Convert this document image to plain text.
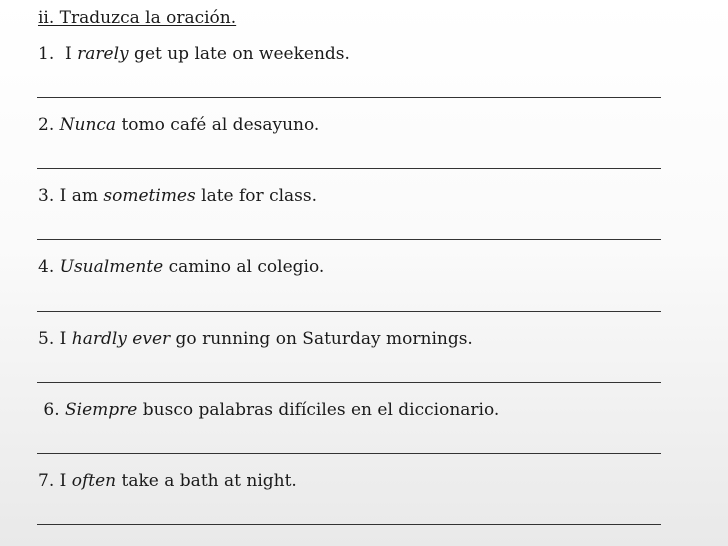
ii. Traduzca la oración.
1.  I rarely get up late on weekends.
2. Nunca tomo café al desayuno.
3. I am sometimes late for class.
4. Usualmente camino al colegio.
5. I hardly ever go running on Saturday mornings.
6. Siempre busco palabras difíciles en el diccionario.
7. I often take a bath at night.
